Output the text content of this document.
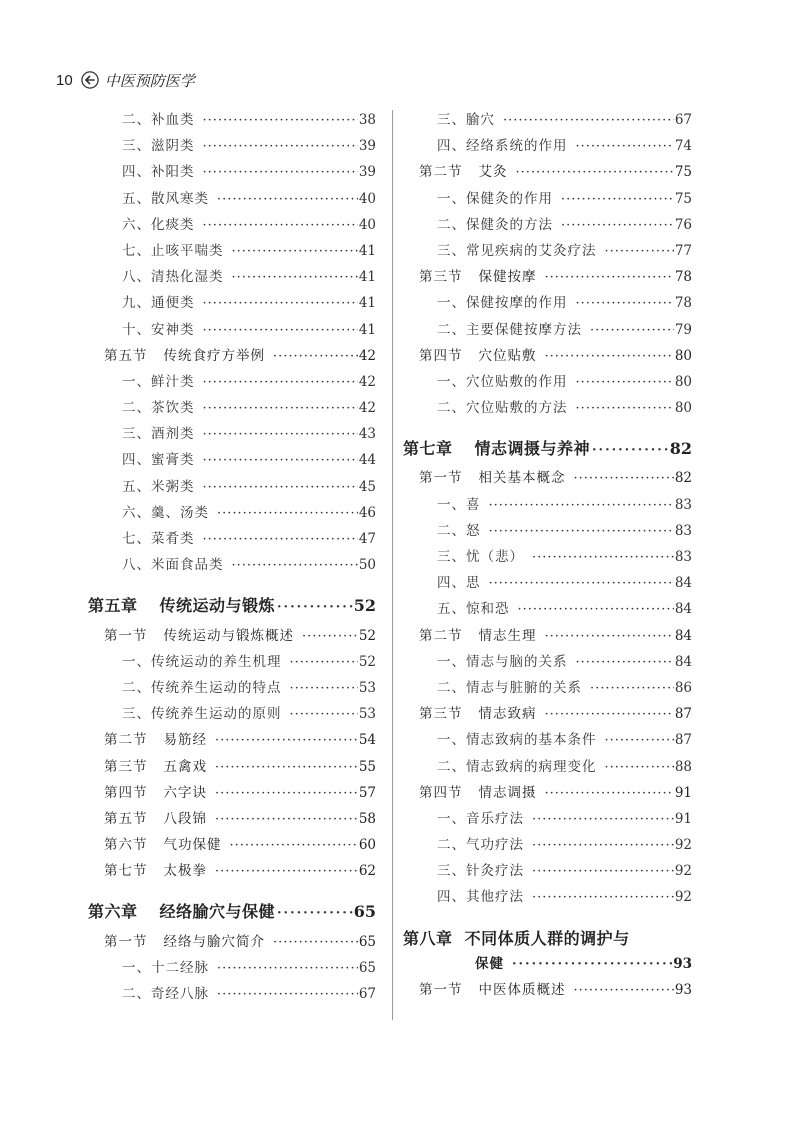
10 中医预防医学
二、补血类 ·····	38
三、滋阴类 ·····	39
四、补阳类 ·····	39
五、散风寒类 ·····	40
六、化痰类 ·····	40
七、止咳平喘类 ·····	41
八、清热化湿类 ·····	41
九、通便类 ·····	41
十、安神类 ·····	41
第五节 传统食疗方举例 ·····	42
一、鲜汁类 ·····	42
二、茶饮类 ·····	42
三、酒剂类 ·····	43
四、蜜膏类 ·····	44
五、米粥类 ·····	45
六、羹、汤类 ·····	46
七、菜肴类 ·····	47
八、米面食品类 ·····	50
第五章 传统运动与锻炼 ·····	52
第一节 传统运动与锻炼概述 ·····	52
一、传统运动的养生机理 ·····	52
二、传统养生运动的特点 ·····	53
三、传统养生运动的原则 ·····	53
第二节 易筋经 ·····	54
第三节 五禽戏 ·····	55
第四节 六字诀 ·····	57
第五节 八段锦 ·····	58
第六节 气功保健 ·····	60
第七节 太极拳 ·····	62
第六章 经络腧穴与保健 ·····	65
第一节 经络与腧穴简介 ·····	65
一、十二经脉 ·····	65
二、奇经八脉 ·····	67
三、腧穴 ·····	67
四、经络系统的作用 ·····	74
第二节 艾灸 ·····	75
一、保健灸的作用 ·····	75
二、保健灸的方法 ·····	76
三、常见疾病的艾灸疗法 ·····	77
第三节 保健按摩 ·····	78
一、保健按摩的作用 ·····	78
二、主要保健按摩方法 ·····	79
第四节 穴位贴敷 ·····	80
一、穴位贴敷的作用 ·····	80
二、穴位贴敷的方法 ·····	80
第七章 情志调摄与养神 ·····	82
第一节 相关基本概念 ·····	82
一、喜 ·····	83
二、怒 ·····	83
三、忧（悲） ·····	83
四、思 ·····	84
五、惊和恐 ·····	84
第二节 情志生理 ·····	84
一、情志与脑的关系 ·····	84
二、情志与脏腑的关系 ·····	86
第三节 情志致病 ·····	87
一、情志致病的基本条件 ·····	87
二、情志致病的病理变化 ·····	88
第四节 情志调摄 ·····	91
一、音乐疗法 ·····	91
二、气功疗法 ·····	92
三、针灸疗法 ·····	92
四、其他疗法 ·····	92
第八章 不同体质人群的调护与
保健 ·····	93
第一节 中医体质概述 ·····	93
